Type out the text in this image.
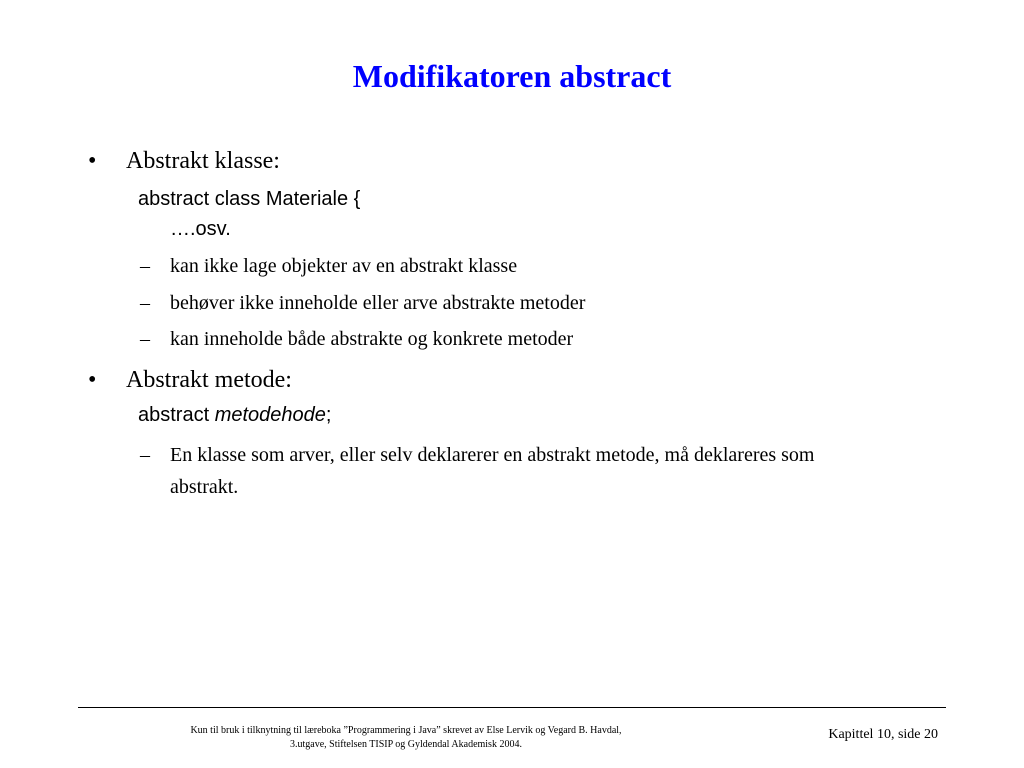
Modifikatoren abstract
• Abstrakt klasse:
abstract class Materiale {
….osv.
– kan ikke lage objekter av en abstrakt klasse
– behøver ikke inneholde eller arve abstrakte metoder
– kan inneholde både abstrakte og konkrete metoder
• Abstrakt metode:
abstract metodehode;
– En klasse som arver, eller selv deklarerer en abstrakt metode, må deklareres som abstrakt.
Kun til bruk i tilknytning til læreboka ”Programmering i Java” skrevet av Else Lervik og Vegard B. Havdal,
3.utgave, Stiftelsen TISIP og Gyldendal Akademisk 2004.
Kapittel 10, side 20
